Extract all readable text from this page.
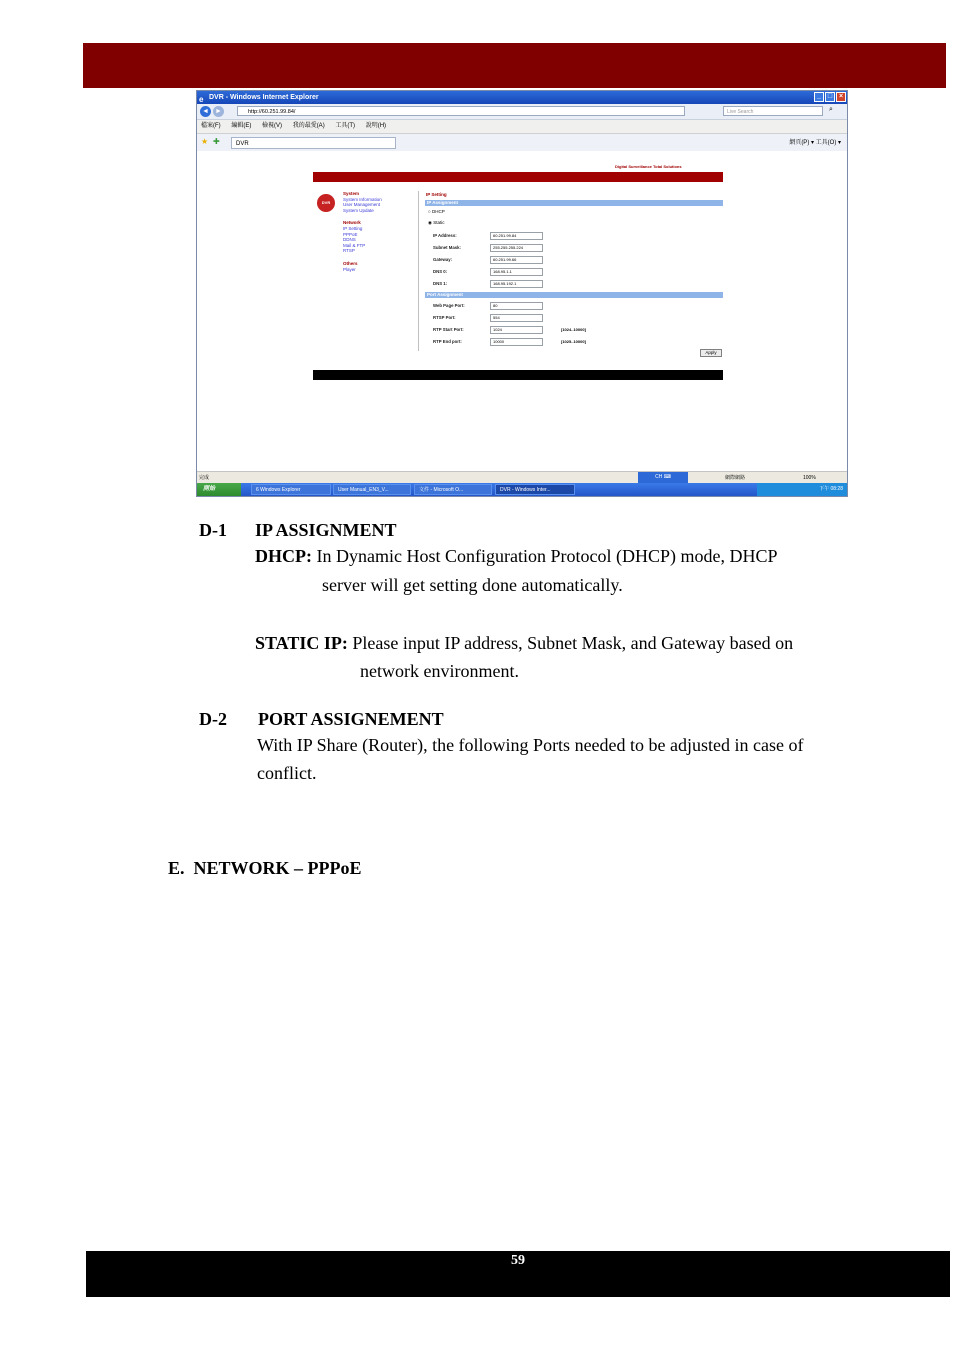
e DVR - Windows Internet Explorer	_ □ ×
◄ ►	http://60.251.99.84/	Live Search	⌕
檔案(F) 編輯(E) 檢視(V) 我的最愛(A) 工具(T) 說明(H)
★ ✚	DVR	網頁(P) ▾ 工具(O) ▾
Digital Surveillance Total Solutions
DVR
System
System Information
User Management
System Update
Network
IP Setting
PPPoE
DDNS
Mail & FTP
RTSP
Others
Player
IP Setting
IP Assignment
○ DHCP
◉ Static
IP Address:	60.251.99.84
Subnet Mask:	255.255.255.224
Gateway:	60.251.99.66
DNS 0:	168.95.1.1
DNS 1:	168.95.192.1
Port Assignment
Web Page Port:	80
RTSP Port:	554
RTP Start Port:	1024	[1024..10000]
RTP End port:	10000	[1025..10000]
Apply
完成	CH ⌨	網際網路	100%
開始	6 Windows Explorer	User Manual_EN3_V...	文件 - Microsoft O...	DVR - Windows Inter...	下午 08:28
D-1 IP ASSIGNMENT
DHCP: In Dynamic Host Configuration Protocol (DHCP) mode, DHCP
server will get setting done automatically.
STATIC IP: Please input IP address, Subnet Mask, and Gateway based on
network environment.
D-2 PORT ASSIGNEMENT
With IP Share (Router), the following Ports needed to be adjusted in case of
conflict.
E.  NETWORK – PPPoE
59
